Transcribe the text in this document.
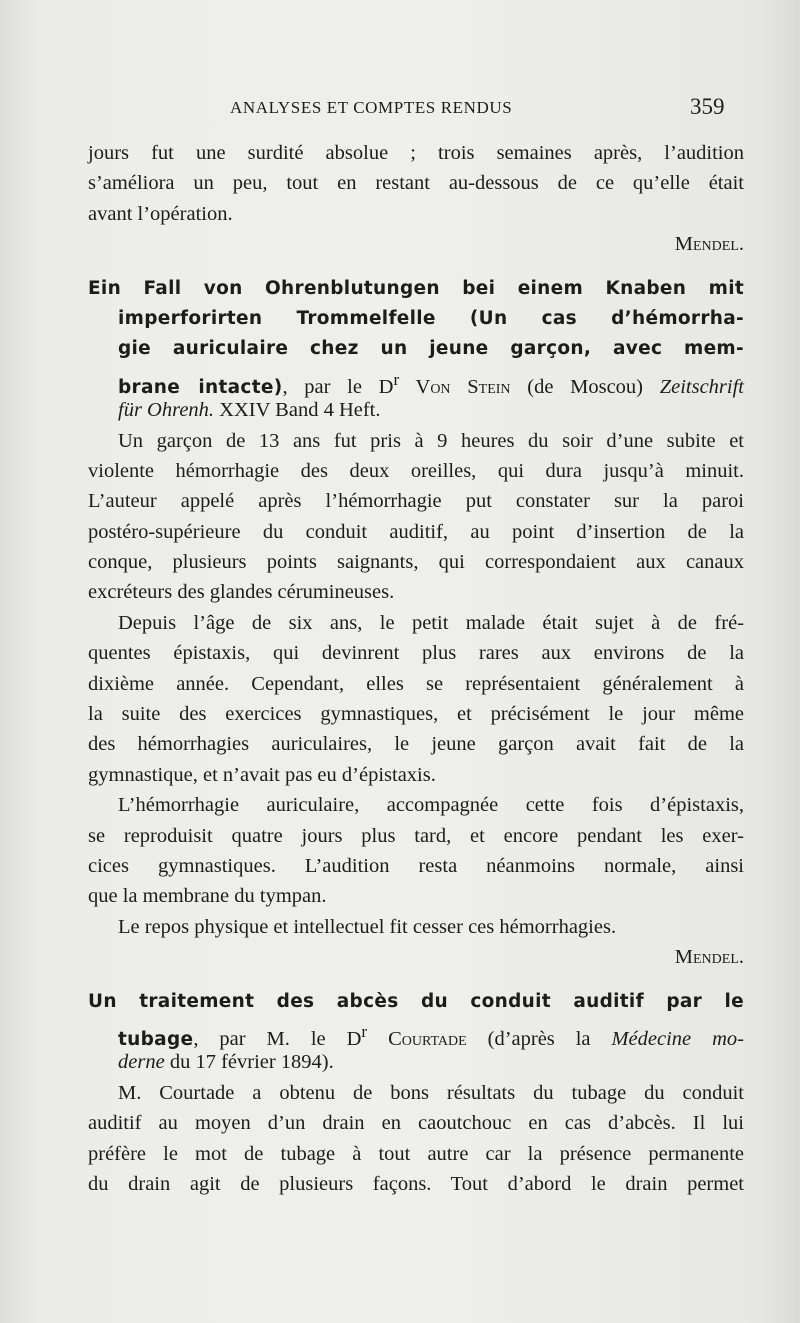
ANALYSES ET COMPTES RENDUS	359
jours fut une surdité absolue ; trois semaines après, l’audition
s’améliora un peu, tout en restant au-dessous de ce qu’elle était
avant l’opération.
Mendel.
Ein Fall von Ohrenblutungen bei einem Knaben mit
imperforirten Trommelfelle (Un cas d’hémorrha-
gie auriculaire chez un jeune garçon, avec mem-
brane intacte), par le $D^r$ Von Stein (de Moscou) Zeitschrift
für Ohrenh. XXIV Band 4 Heft.
Un garçon de 13 ans fut pris à 9 heures du soir d’une subite et
violente hémorrhagie des deux oreilles, qui dura jusqu’à minuit.
L’auteur appelé après l’hémorrhagie put constater sur la paroi
postéro-supérieure du conduit auditif, au point d’insertion de la
conque, plusieurs points saignants, qui correspondaient aux canaux
excréteurs des glandes cérumineuses.
Depuis l’âge de six ans, le petit malade était sujet à de fré-
quentes épistaxis, qui devinrent plus rares aux environs de la
dixième année. Cependant, elles se représentaient généralement à
la suite des exercices gymnastiques, et précisément le jour même
des hémorrhagies auriculaires, le jeune garçon avait fait de la
gymnastique, et n’avait pas eu d’épistaxis.
L’hémorrhagie auriculaire, accompagnée cette fois d’épistaxis,
se reproduisit quatre jours plus tard, et encore pendant les exer-
cices gymnastiques. L’audition resta néanmoins normale, ainsi
que la membrane du tympan.
Le repos physique et intellectuel fit cesser ces hémorrhagies.
Mendel.
Un traitement des abcès du conduit auditif par le
tubage, par M. le $D^r$ Courtade (d’après la Médecine mo-
derne du 17 février 1894).
M. Courtade a obtenu de bons résultats du tubage du conduit
auditif au moyen d’un drain en caoutchouc en cas d’abcès. Il lui
préfère le mot de tubage à tout autre car la présence permanente
du drain agit de plusieurs façons. Tout d’abord le drain permet
